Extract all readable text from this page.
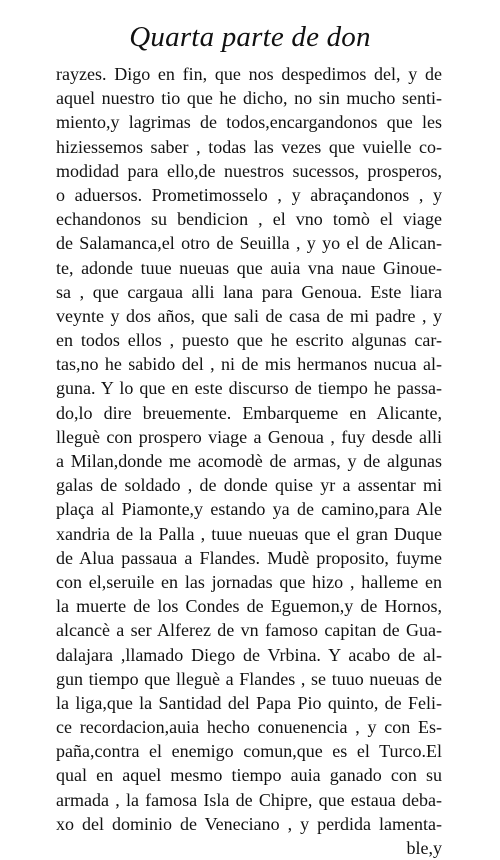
Quarta parte de don
rayzes. Digo en fin, que nos despedimos del, y de
aquel nuestro tio que he dicho, no sin mucho senti-
miento,y lagrimas de todos,encargandonos que les
hiziessemos saber , todas las vezes que vuielle co-
modidad para ello,de nuestros sucessos, prosperos,
o aduersos. Prometimosselo , y abraçandonos , y
echandonos su bendicion , el vno tomò el viage
de Salamanca,el otro de Seuilla , y yo el de Alican-
te, adonde tuue nueuas que auia vna naue Ginoue-
sa , que cargaua alli lana para Genoua. Este liara
veynte y dos años, que sali de casa de mi padre , y
en todos ellos , puesto que he escrito algunas car-
tas,no he sabido del , ni de mis hermanos nucua al-
guna. Y lo que en este discurso de tiempo he passa-
do,lo dire breuemente. Embarqueme en Alicante,
lleguè con prospero viage a Genoua , fuy desde alli
a Milan,donde me acomodè de armas, y de algunas
galas de soldado , de donde quise yr a assentar mi
plaça al Piamonte,y estando ya de camino,para Ale
xandria de la Palla , tuue nueuas que el gran Duque
de Alua passaua a Flandes. Mudè proposito, fuyme
con el,seruile en las jornadas que hizo , halleme en
la muerte de los Condes de Eguemon,y de Hornos,
alcancè a ser Alferez de vn famoso capitan de Gua-
dalajara ,llamado Diego de Vrbina. Y acabo de al-
gun tiempo que lleguè a Flandes , se tuuo nueuas de
la liga,que la Santidad del Papa Pio quinto, de Feli-
ce recordacion,auia hecho conuenencia , y con Es-
paña,contra el enemigo comun,que es el Turco.El
qual en aquel mesmo tiempo auia ganado con su
armada , la famosa Isla de Chipre, que estaua deba-
xo del dominio de Veneciano , y perdida lamenta-
ble,y
